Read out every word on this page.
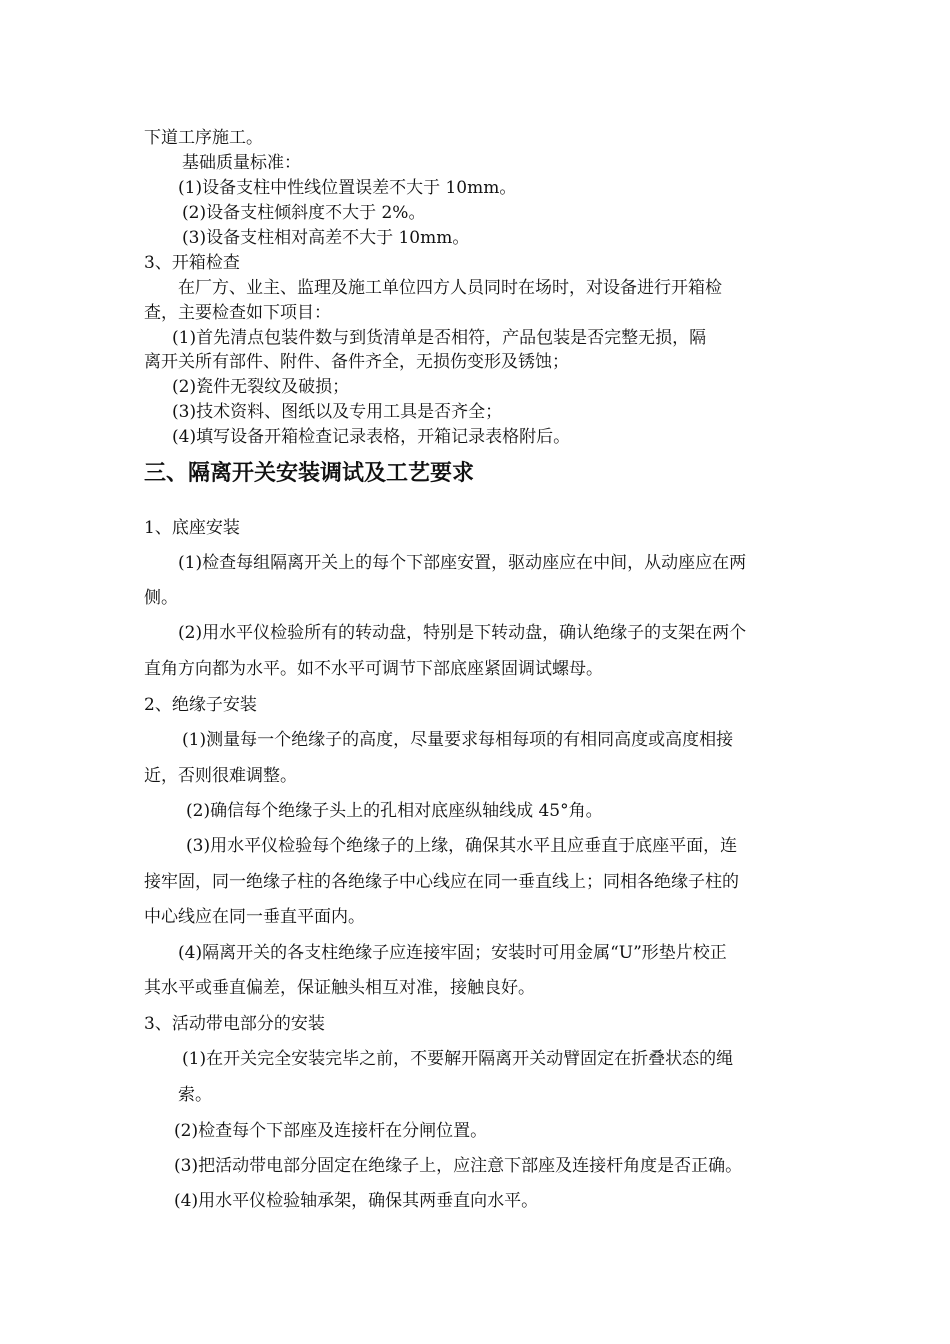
下道工序施工。
基础质量标准：
(1)设备支柱中性线位置误差不大于 10mm。
(2)设备支柱倾斜度不大于 2%。
(3)设备支柱相对高差不大于 10mm。
3、开箱检查
在厂方、业主、监理及施工单位四方人员同时在场时，对设备进行开箱检
查，主要检查如下项目：
(1)首先清点包装件数与到货清单是否相符，产品包装是否完整无损，隔
离开关所有部件、附件、备件齐全，无损伤变形及锈蚀；
(2)瓷件无裂纹及破损；
(3)技术资料、图纸以及专用工具是否齐全；
(4)填写设备开箱检查记录表格，开箱记录表格附后。
三、隔离开关安装调试及工艺要求
1、底座安装
(1)检查每组隔离开关上的每个下部座安置，驱动座应在中间，从动座应在两
侧。
(2)用水平仪检验所有的转动盘，特别是下转动盘，确认绝缘子的支架在两个
直角方向都为水平。如不水平可调节下部底座紧固调试螺母。
2、绝缘子安装
(1)测量每一个绝缘子的高度，尽量要求每相每项的有相同高度或高度相接
近，否则很难调整。
(2)确信每个绝缘子头上的孔相对底座纵轴线成 45°角。
(3)用水平仪检验每个绝缘子的上缘，确保其水平且应垂直于底座平面，连
接牢固，同一绝缘子柱的各绝缘子中心线应在同一垂直线上；同相各绝缘子柱的
中心线应在同一垂直平面内。
(4)隔离开关的各支柱绝缘子应连接牢固；安装时可用金属“U”形垫片校正
其水平或垂直偏差，保证触头相互对准，接触良好。
3、活动带电部分的安装
(1)在开关完全安装完毕之前，不要解开隔离开关动臂固定在折叠状态的绳
索。
(2)检查每个下部座及连接杆在分闸位置。
(3)把活动带电部分固定在绝缘子上，应注意下部座及连接杆角度是否正确。
(4)用水平仪检验轴承架，确保其两垂直向水平。
